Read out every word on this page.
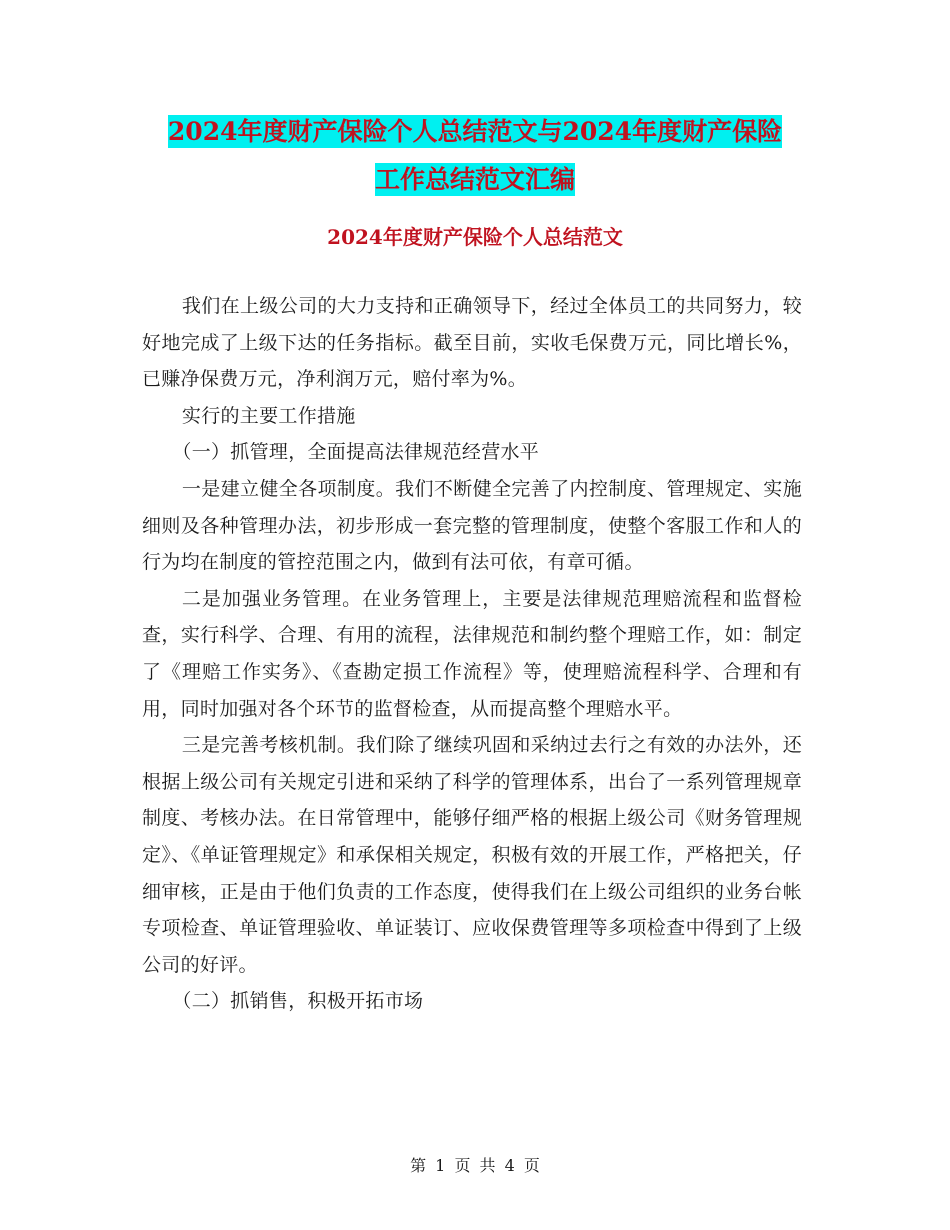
2024年度财产保险个人总结范文与2024年度财产保险
工作总结范文汇编
2024年度财产保险个人总结范文

我们在上级公司的大力支持和正确领导下，经过全体员工的共同努力，较好地完成了上级下达的任务指标。截至目前，实收毛保费万元，同比增长%，已赚净保费万元，净利润万元，赔付率为%。

实行的主要工作措施

（一）抓管理，全面提高法律规范经营水平

一是建立健全各项制度。我们不断健全完善了内控制度、管理规定、实施细则及各种管理办法，初步形成一套完整的管理制度，使整个客服工作和人的行为均在制度的管控范围之内，做到有法可依，有章可循。

二是加强业务管理。在业务管理上，主要是法律规范理赔流程和监督检查，实行科学、合理、有用的流程，法律规范和制约整个理赔工作，如：制定了《理赔工作实务》、《查勘定损工作流程》等，使理赔流程科学、合理和有用，同时加强对各个环节的监督检查，从而提高整个理赔水平。

三是完善考核机制。我们除了继续巩固和采纳过去行之有效的办法外，还根据上级公司有关规定引进和采纳了科学的管理体系，出台了一系列管理规章制度、考核办法。在日常管理中，能够仔细严格的根据上级公司《财务管理规定》、《单证管理规定》和承保相关规定，积极有效的开展工作，严格把关，仔细审核，正是由于他们负责的工作态度，使得我们在上级公司组织的业务台帐专项检查、单证管理验收、单证装订、应收保费管理等多项检查中得到了上级公司的好评。

（二）抓销售，积极开拓市场

第 1 页 共 4 页
